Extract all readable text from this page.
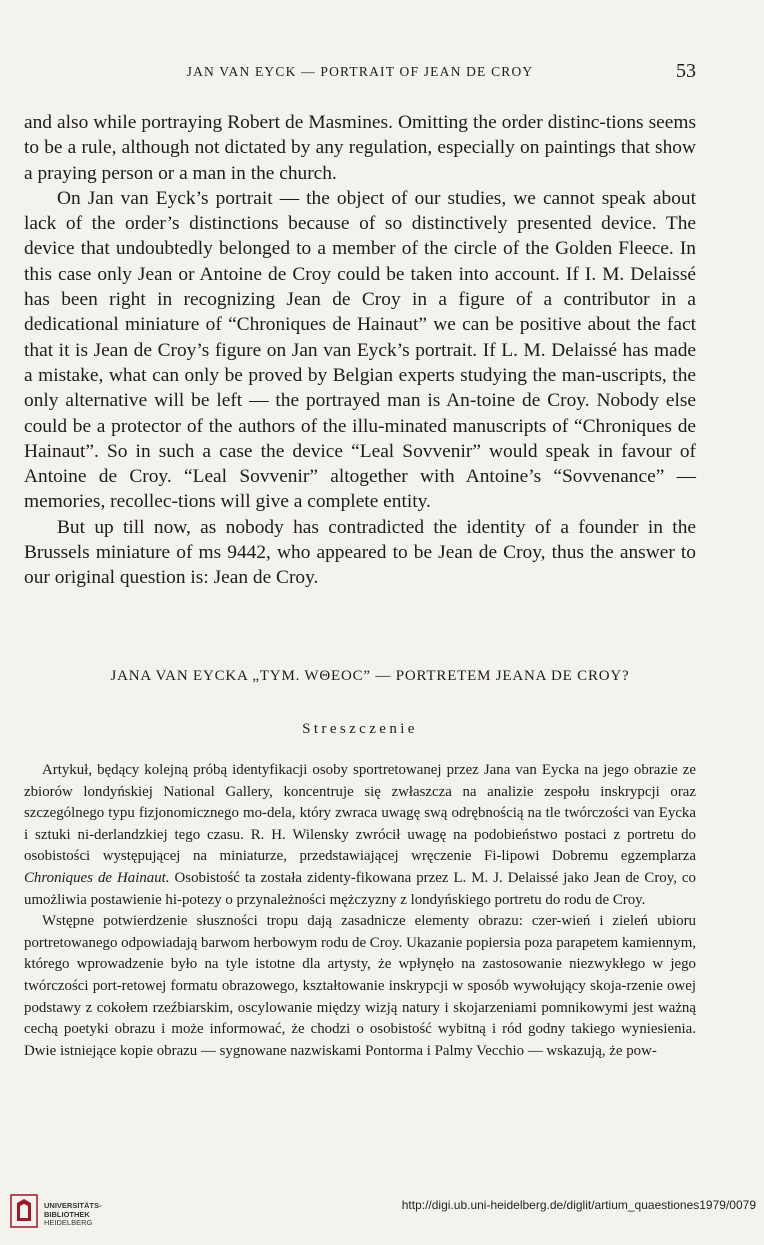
JAN VAN EYCK — PORTRAIT OF JEAN DE CROY	53

and also while portraying Robert de Masmines. Omitting the order distinc-tions seems to be a rule, although not dictated by any regulation, especially on paintings that show a praying person or a man in the church.

On Jan van Eyck’s portrait — the object of our studies, we cannot speak about lack of the order’s distinctions because of so distinctively presented device. The device that undoubtedly belonged to a member of the circle of the Golden Fleece. In this case only Jean or Antoine de Croy could be taken into account. If I. M. Delaissé has been right in recognizing Jean de Croy in a figure of a contributor in a dedicational miniature of “Chroniques de Hainaut” we can be positive about the fact that it is Jean de Croy’s figure on Jan van Eyck’s portrait. If L. M. Delaissé has made a mistake, what can only be proved by Belgian experts studying the man-uscripts, the only alternative will be left — the portrayed man is An-toine de Croy. Nobody else could be a protector of the authors of the illu-minated manuscripts of “Chroniques de Hainaut”. So in such a case the device “Leal Sovvenir” would speak in favour of Antoine de Croy. “Leal Sovvenir” altogether with Antoine’s “Sovvenance” — memories, recollec-tions will give a complete entity.

But up till now, as nobody has contradicted the identity of a founder in the Brussels miniature of ms 9442, who appeared to be Jean de Croy, thus the answer to our original question is: Jean de Croy.

JANA VAN EYCKA „TYM. WΘEOC” — PORTRETEM JEANA DE CROY?
Streszczenie

Artykuł, będący kolejną próbą identyfikacji osoby sportretowanej przez Jana van Eycka na jego obrazie ze zbiorów londyńskiej National Gallery, koncentruje się zwłaszcza na analizie zespołu inskrypcji oraz szczególnego typu fizjonomicznego mo-dela, który zwraca uwagę swą odrębnością na tle twórczości van Eycka i sztuki ni-derlandzkiej tego czasu. R. H. Wilensky zwrócił uwagę na podobieństwo postaci z portretu do osobistości występującej na miniaturze, przedstawiającej wręczenie Fi-lipowi Dobremu egzemplarza Chroniques de Hainaut. Osobistość ta została zidenty-fikowana przez L. M. J. Delaissé jako Jean de Croy, co umożliwia postawienie hi-potezy o przynależności mężczyzny z londyńskiego portretu do rodu de Croy.

Wstępne potwierdzenie słuszności tropu dają zasadnicze elementy obrazu: czer-wień i zieleń ubioru portretowanego odpowiadają barwom herbowym rodu de Croy. Ukazanie popiersia poza parapetem kamiennym, którego wprowadzenie było na tyle istotne dla artysty, że wpłynęło na zastosowanie niezwykłego w jego twórczości port-retowej formatu obrazowego, kształtowanie inskrypcji w sposób wywołujący skoja-rzenie owej podstawy z cokołem rzeźbiarskim, oscylowanie między wizją natury i skojarzeniami pomnikowymi jest ważną cechą poetyki obrazu i może informować, że chodzi o osobistość wybitną i ród godny takiego wyniesienia. Dwie istniejące kopie obrazu — sygnowane nazwiskami Pontorma i Palmy Vecchio — wskazują, że pow-

UNIVERSITÄTS-
BIBLIOTHEK
HEIDELBERG
http://digi.ub.uni-heidelberg.de/diglit/artium_quaestiones1979/0079
